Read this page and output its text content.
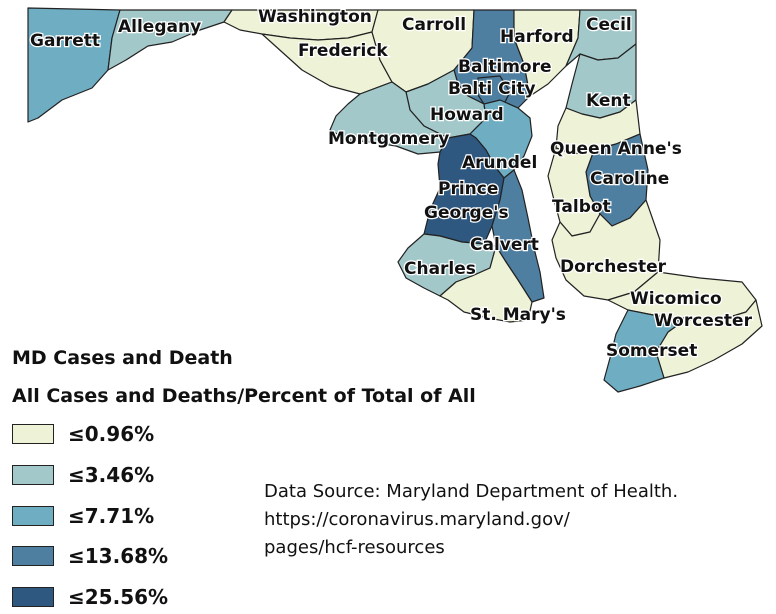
Garrett
Allegany	Washington Carroll
Harford
Cecil
Frederick
Baltimore
Balti City
Kent
Howard
Montgomery	Queen Anne's
Arundel
Caroline
Prince
Talbot
George's
Calvert
Dorchester
Charles
Wicomico
St. Mary's	Worcester
Somerset
MD Cases and Death
All Cases and Deaths/Percent of Total of All
≤0.96%
≤3.46%
≤7.71%
≤13.68%
≤25.56%
Data Source: Maryland Department of Health.
https://coronavirus.maryland.gov/
pages/hcf-resources
